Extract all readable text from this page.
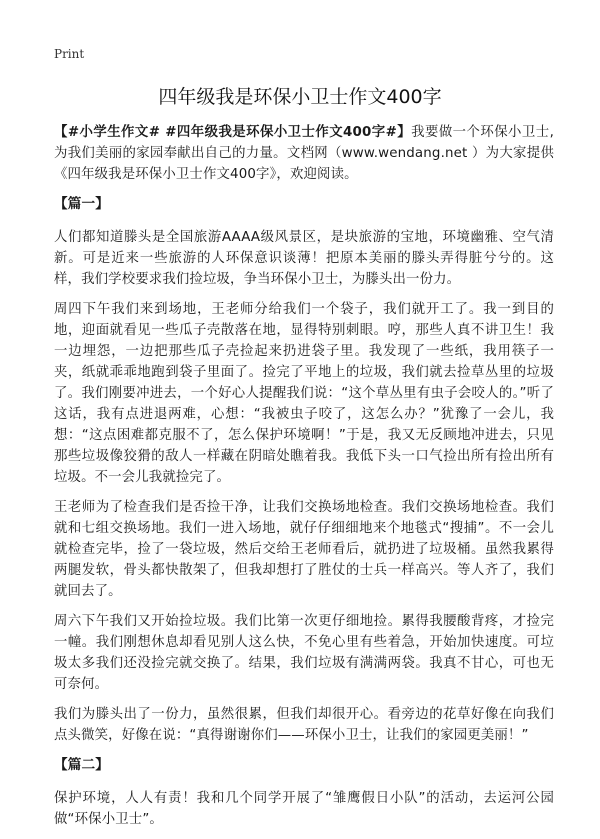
Print
四年级我是环保小卫士作文400字

【#小学生作文# #四年级我是环保小卫士作文400字#】我要做一个环保小卫士,为我们美丽的家园奉献出自己的力量。文档网（www.wendang.net ）为大家提供《四年级我是环保小卫士作文400字》，欢迎阅读。

【篇一】

人们都知道滕头是全国旅游AAAA级风景区，是块旅游的宝地，环境幽雅、空气清新。可是近来一些旅游的人环保意识谈薄！把原本美丽的滕头弄得脏兮兮的。这样，我们学校要求我们捡垃圾，争当环保小卫士，为滕头出一份力。

周四下午我们来到场地，王老师分给我们一个袋子，我们就开工了。我一到目的地，迎面就看见一些瓜子壳散落在地，显得特别刺眼。哼，那些人真不讲卫生！我一边埋怨，一边把那些瓜子壳捡起来扔进袋子里。我发现了一些纸，我用筷子一夹，纸就乖乖地跑到袋子里面了。捡完了平地上的垃圾，我们就去捡草丛里的垃圾了。我们刚要冲进去，一个好心人提醒我们说：“这个草丛里有虫子会咬人的。”听了这话，我有点进退两难，心想：“我被虫子咬了，这怎么办？”犹豫了一会儿，我想：“这点困难都克服不了，怎么保护环境啊！”于是，我又无反顾地冲进去，只见那些垃圾像狡猾的敌人一样藏在阴暗处瞧着我。我低下头一口气捡出所有捡出所有垃圾。不一会儿我就捡完了。

王老师为了检查我们是否捡干净，让我们交换场地检查。我们交换场地检查。我们就和七组交换场地。我们一进入场地，就仔仔细细地来个地毯式“搜捕”。不一会儿就检查完毕，捡了一袋垃圾，然后交给王老师看后，就扔进了垃圾桶。虽然我累得两腿发软，骨头都快散架了，但我却想打了胜仗的士兵一样高兴。等人齐了，我们就回去了。

周六下午我们又开始捡垃圾。我们比第一次更仔细地捡。累得我腰酸背疼，才捡完一幢。我们刚想休息却看见别人这么快，不免心里有些着急，开始加快速度。可垃圾太多我们还没捡完就交换了。结果，我们垃圾有满满两袋。我真不甘心，可也无可奈何。

我们为滕头出了一份力，虽然很累，但我们却很开心。看旁边的花草好像在向我们点头微笑，好像在说：“真得谢谢你们——环保小卫士，让我们的家园更美丽！”

【篇二】

保护环境，人人有责！我和几个同学开展了“雏鹰假日小队”的活动，去运河公园做“环保小卫士”。
